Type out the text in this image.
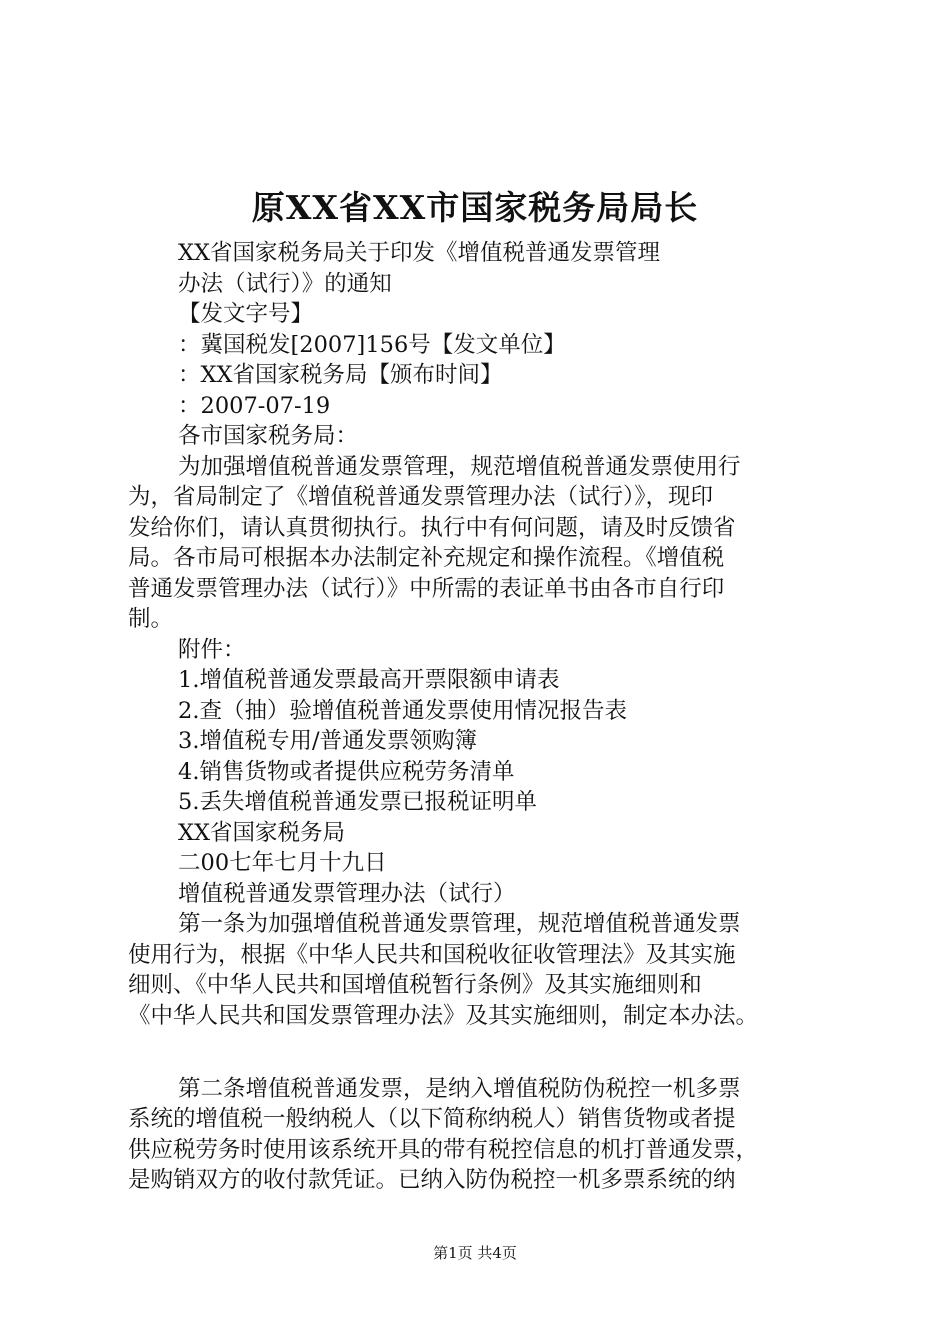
原XX省XX市国家税务局局长
XX省国家税务局关于印发《增值税普通发票管理
办法（试行）》的通知
【发文字号】
：冀国税发[2007]156号【发文单位】
：XX省国家税务局【颁布时间】
：2007-07-19
各市国家税务局：
为加强增值税普通发票管理，规范增值税普通发票使用行
为，省局制定了《增值税普通发票管理办法（试行）》，现印
发给你们，请认真贯彻执行。执行中有何问题，请及时反馈省
局。各市局可根据本办法制定补充规定和操作流程。《增值税
普通发票管理办法（试行）》中所需的表证单书由各市自行印
制。
附件：
1.增值税普通发票最高开票限额申请表
2.查（抽）验增值税普通发票使用情况报告表
3.增值税专用/普通发票领购簿
4.销售货物或者提供应税劳务清单
5.丢失增值税普通发票已报税证明单
XX省国家税务局
二00七年七月十九日
增值税普通发票管理办法（试行）
第一条为加强增值税普通发票管理，规范增值税普通发票
使用行为，根据《中华人民共和国税收征收管理法》及其实施
细则、《中华人民共和国增值税暂行条例》及其实施细则和
《中华人民共和国发票管理办法》及其实施细则，制定本办法。
第二条增值税普通发票，是纳入增值税防伪税控一机多票
系统的增值税一般纳税人（以下简称纳税人）销售货物或者提
供应税劳务时使用该系统开具的带有税控信息的机打普通发票，
是购销双方的收付款凭证。已纳入防伪税控一机多票系统的纳
第1页 共4页
